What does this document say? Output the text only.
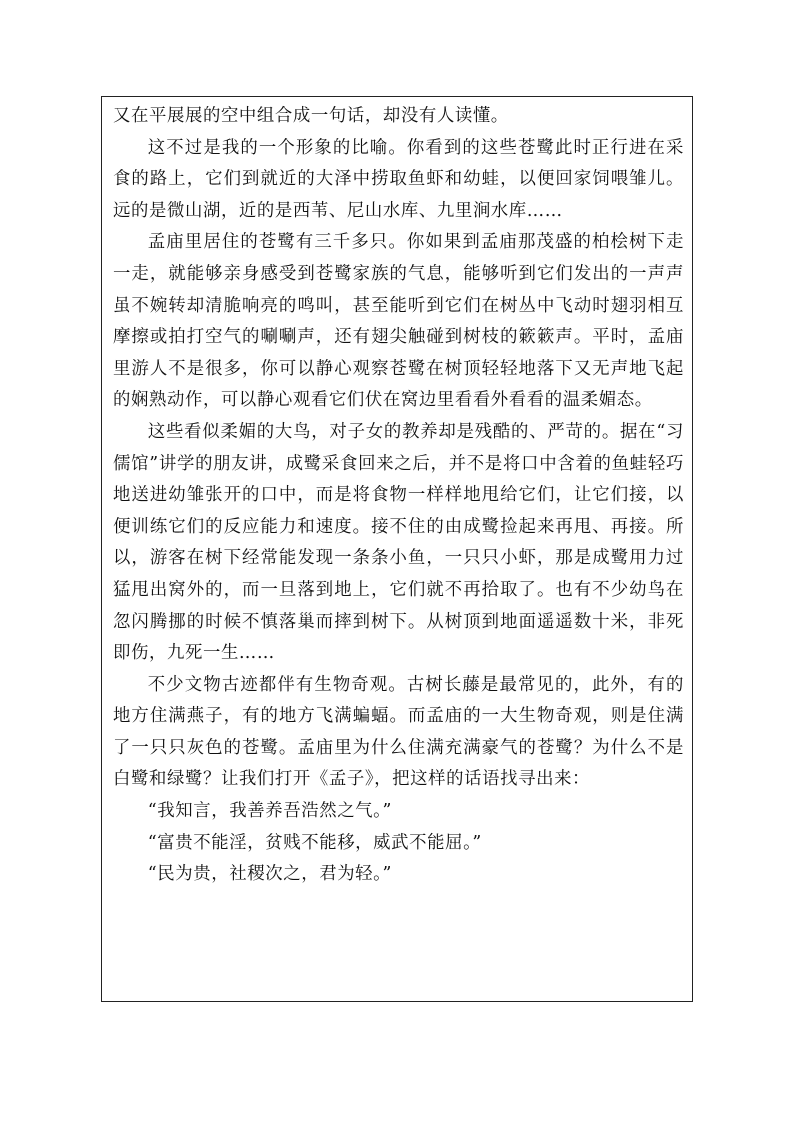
又在平展展的空中组合成一句话，却没有人读懂。

这不过是我的一个形象的比喻。你看到的这些苍鹭此时正行进在采食的路上，它们到就近的大泽中捞取鱼虾和幼蛙，以便回家饲喂雏儿。远的是微山湖，近的是西苇、尼山水库、九里涧水库……

孟庙里居住的苍鹭有三千多只。你如果到孟庙那茂盛的柏桧树下走一走，就能够亲身感受到苍鹭家族的气息，能够听到它们发出的一声声虽不婉转却清脆响亮的鸣叫，甚至能听到它们在树丛中飞动时翅羽相互摩擦或拍打空气的唰唰声，还有翅尖触碰到树枝的簌簌声。平时，孟庙里游人不是很多，你可以静心观察苍鹭在树顶轻轻地落下又无声地飞起的娴熟动作，可以静心观看它们伏在窝边里看看外看看的温柔媚态。

这些看似柔媚的大鸟，对子女的教养却是残酷的、严苛的。据在“习儒馆”讲学的朋友讲，成鹭采食回来之后，并不是将口中含着的鱼蛙轻巧地送进幼雏张开的口中，而是将食物一样样地甩给它们，让它们接，以便训练它们的反应能力和速度。接不住的由成鹭捡起来再甩、再接。所以，游客在树下经常能发现一条条小鱼，一只只小虾，那是成鹭用力过猛甩出窝外的，而一旦落到地上，它们就不再拾取了。也有不少幼鸟在忽闪腾挪的时候不慎落巢而摔到树下。从树顶到地面遥遥数十米，非死即伤，九死一生……

不少文物古迹都伴有生物奇观。古树长藤是最常见的，此外，有的地方住满燕子，有的地方飞满蝙蝠。而孟庙的一大生物奇观，则是住满了一只只灰色的苍鹭。孟庙里为什么住满充满豪气的苍鹭？为什么不是白鹭和绿鹭？让我们打开《孟子》，把这样的话语找寻出来：

“我知言，我善养吾浩然之气。”

“富贵不能淫，贫贱不能移，威武不能屈。”

“民为贵，社稷次之，君为轻。”
